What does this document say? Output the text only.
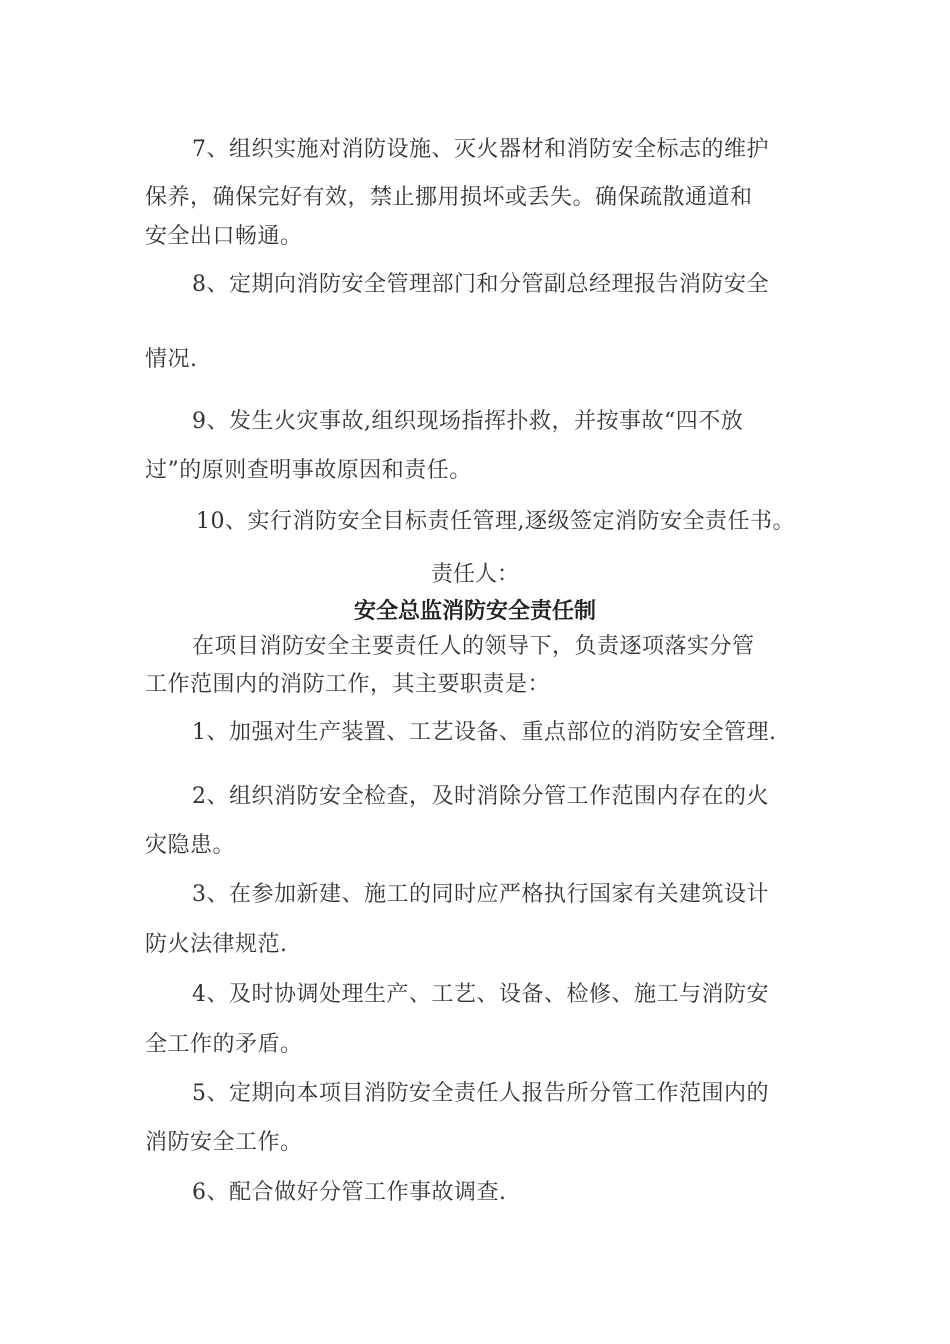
7、组织实施对消防设施、灭火器材和消防安全标志的维护
保养，确保完好有效，禁止挪用损坏或丢失。确保疏散通道和
安全出口畅通。
8、定期向消防安全管理部门和分管副总经理报告消防安全
情况.
9、发生火灾事故,组织现场指挥扑救，并按事故“四不放
过”的原则查明事故原因和责任。
10、实行消防安全目标责任管理,逐级签定消防安全责任书。
责任人：
安全总监消防安全责任制
在项目消防安全主要责任人的领导下，负责逐项落实分管
工作范围内的消防工作，其主要职责是：
1、加强对生产装置、工艺设备、重点部位的消防安全管理.
2、组织消防安全检查，及时消除分管工作范围内存在的火
灾隐患。
3、在参加新建、施工的同时应严格执行国家有关建筑设计
防火法律规范.
4、及时协调处理生产、工艺、设备、检修、施工与消防安
全工作的矛盾。
5、定期向本项目消防安全责任人报告所分管工作范围内的
消防安全工作。
6、配合做好分管工作事故调查.
